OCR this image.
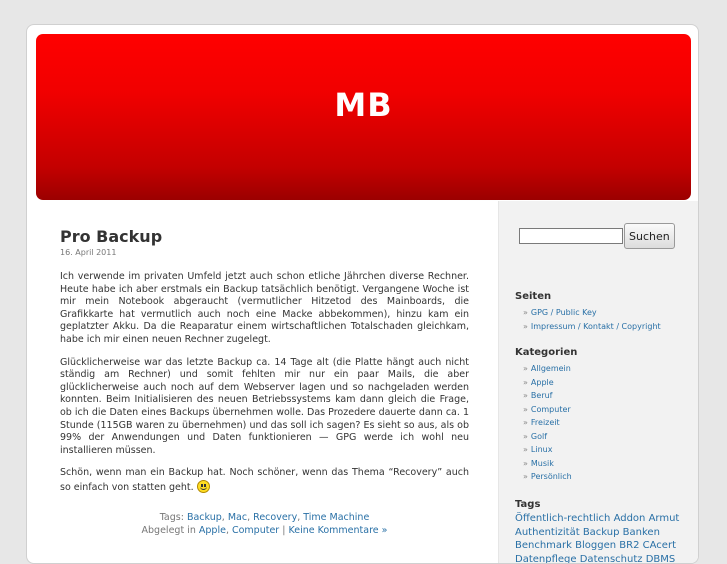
MB
Pro Backup
16. April 2011

Ich verwende im privaten Umfeld jetzt auch schon etliche Jährchen diverse Rechner. Heute habe ich aber erstmals ein Backup tatsächlich benötigt. Vergangene Woche ist mir mein Notebook abgeraucht (vermutlicher Hitzetod des Mainboards, die Grafikkarte hat vermutlich auch noch eine Macke abbekommen), hinzu kam ein geplatzter Akku. Da die Reaparatur einem wirtschaftlichen Totalschaden gleichkam, habe ich mir einen neuen Rechner zugelegt.

Glücklicherweise war das letzte Backup ca. 14 Tage alt (die Platte hängt auch nicht ständig am Rechner) und somit fehlten mir nur ein paar Mails, die aber glücklicherweise auch noch auf dem Webserver lagen und so nachgeladen werden konnten. Beim Initialisieren des neuen Betriebssystems kam dann gleich die Frage, ob ich die Daten eines Backups übernehmen wolle. Das Prozedere dauerte dann ca. 1 Stunde (115GB waren zu übernehmen) und das soll ich sagen? Es sieht so aus, als ob 99% der Anwendungen und Daten funktionieren — GPG werde ich wohl neu installieren müssen.

Schön, wenn man ein Backup hat. Noch schöner, wenn das Thema “Recovery” auch so einfach von statten geht.

Tags: Backup, Mac, Recovery, Time Machine
Abgelegt in Apple, Computer | Keine Kommentare »
Suchen
Seiten
» GPG / Public Key
» Impressum / Kontakt / Copyright
Kategorien
» Allgemein
» Apple
» Beruf
» Computer
» Freizeit
» Golf
» Linux
» Musik
» Persönlich
Tags
Öffentlich-rechtlich Addon Armut Authentizität Backup Banken Benchmark Bloggen BR2 CAcert Datenpflege Datenschutz DBMS
